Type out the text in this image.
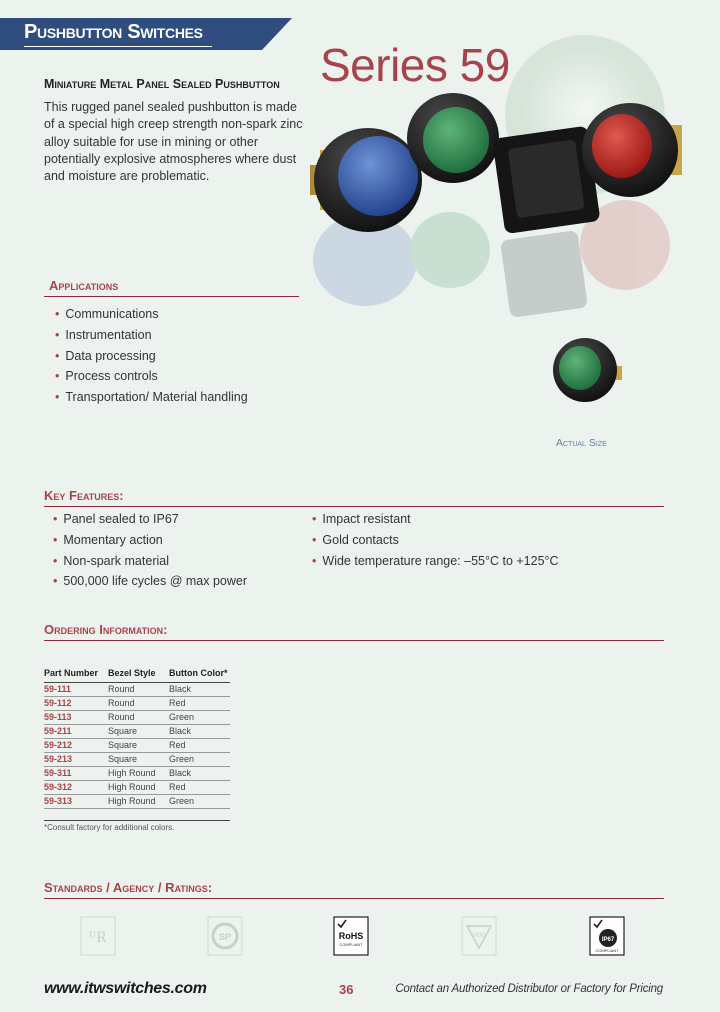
Pushbutton Switches
Series 59
Miniature Metal Panel Sealed Pushbutton

This rugged panel sealed pushbutton is made of a special high creep strength non-spark zinc alloy suitable for use in mining or other potentially explosive atmospheres where dust and moisture are problematic.

Actual Size
Applications
• Communications
• Instrumentation
• Data processing
• Process controls
• Transportation/ Material handling
Key Features:
• Panel sealed to IP67
• Momentary action
• Non-spark material
• 500,000 life cycles @ max power
• Impact resistant
• Gold contacts
• Wide temperature range: –55°C to +125°C
Ordering Information:
Part Number	Bezel Style	Button Color*
59-111	Round	Black
59-112	Round	Red
59-113	Round	Green
59-211	Square	Black
59-212	Square	Red
59-213	Square	Green
59-311	High Round	Black
59-312	High Round	Red
59-313	High Round	Green
*Consult factory for additional colors.
Standards / Agency / Ratings:
ᵁR	SP	RoHS
COMPLIANT
VDE
IP67
COMPLIANT
www.itwswitches.com	36	Contact an Authorized Distributor or Factory for Pricing
